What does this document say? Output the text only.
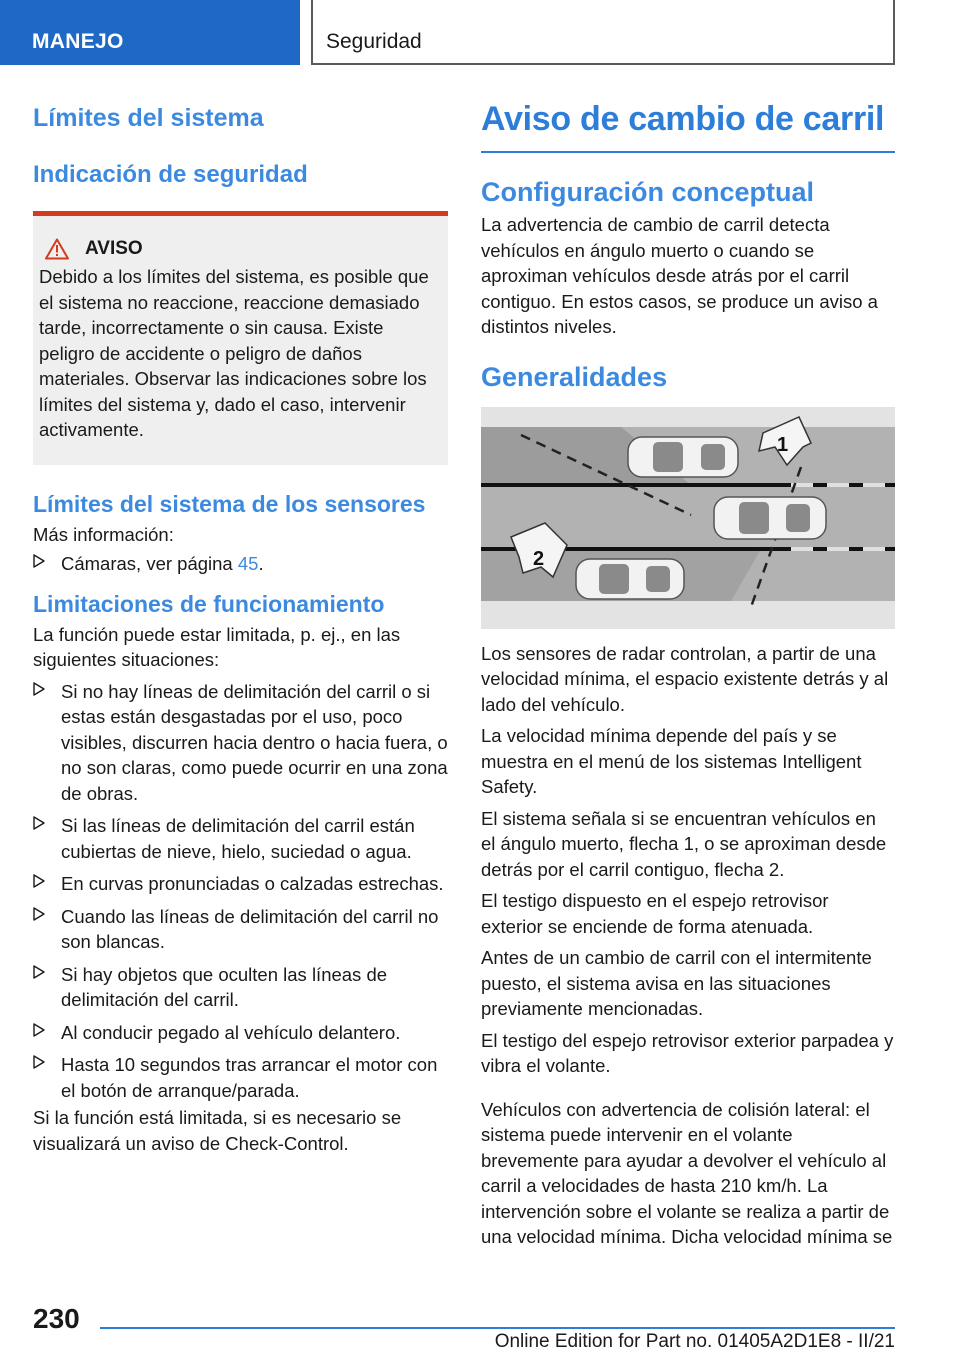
MANEJO	Seguridad
Límites del sistema
Indicación de seguridad
AVISO
Debido a los límites del sistema, es posible que el sistema no reaccione, reaccione demasiado tarde, incorrectamente o sin causa. Existe peligro de accidente o peligro de daños materiales. Observar las indicaciones sobre los límites del sistema y, dado el caso, intervenir activamente.
Límites del sistema de los sensores
Más información:
Cámaras, ver página 45.
Limitaciones de funcionamiento
La función puede estar limitada, p. ej., en las siguientes situaciones:
Si no hay líneas de delimitación del carril o si estas están desgastadas por el uso, poco visibles, discurren hacia dentro o hacia fuera, o no son claras, como puede ocurrir en una zona de obras.
Si las líneas de delimitación del carril están cubiertas de nieve, hielo, suciedad o agua.
En curvas pronunciadas o calzadas estrechas.
Cuando las líneas de delimitación del carril no son blancas.
Si hay objetos que oculten las líneas de delimitación del carril.
Al conducir pegado al vehículo delantero.
Hasta 10 segundos tras arrancar el motor con el botón de arranque/parada.
Si la función está limitada, si es necesario se visualizará un aviso de Check-Control.
Aviso de cambio de carril
Configuración conceptual
La advertencia de cambio de carril detecta vehículos en ángulo muerto o cuando se aproximan vehículos desde atrás por el carril contiguo. En estos casos, se produce un aviso a distintos niveles.
Generalidades
1
2
Los sensores de radar controlan, a partir de una velocidad mínima, el espacio existente detrás y al lado del vehículo.
La velocidad mínima depende del país y se muestra en el menú de los sistemas Intelligent Safety.
El sistema señala si se encuentran vehículos en el ángulo muerto, flecha 1, o se aproximan desde detrás por el carril contiguo, flecha 2.
El testigo dispuesto en el espejo retrovisor exterior se enciende de forma atenuada.
Antes de un cambio de carril con el intermitente puesto, el sistema avisa en las situaciones previamente mencionadas.
El testigo del espejo retrovisor exterior parpadea y vibra el volante.
Vehículos con advertencia de colisión lateral: el sistema puede intervenir en el volante brevemente para ayudar a devolver el vehículo al carril a velocidades de hasta 210 km/h. La intervención sobre el volante se realiza a partir de una velocidad mínima. Dicha velocidad mínima se
230
Online Edition for Part no. 01405A2D1E8 - II/21
